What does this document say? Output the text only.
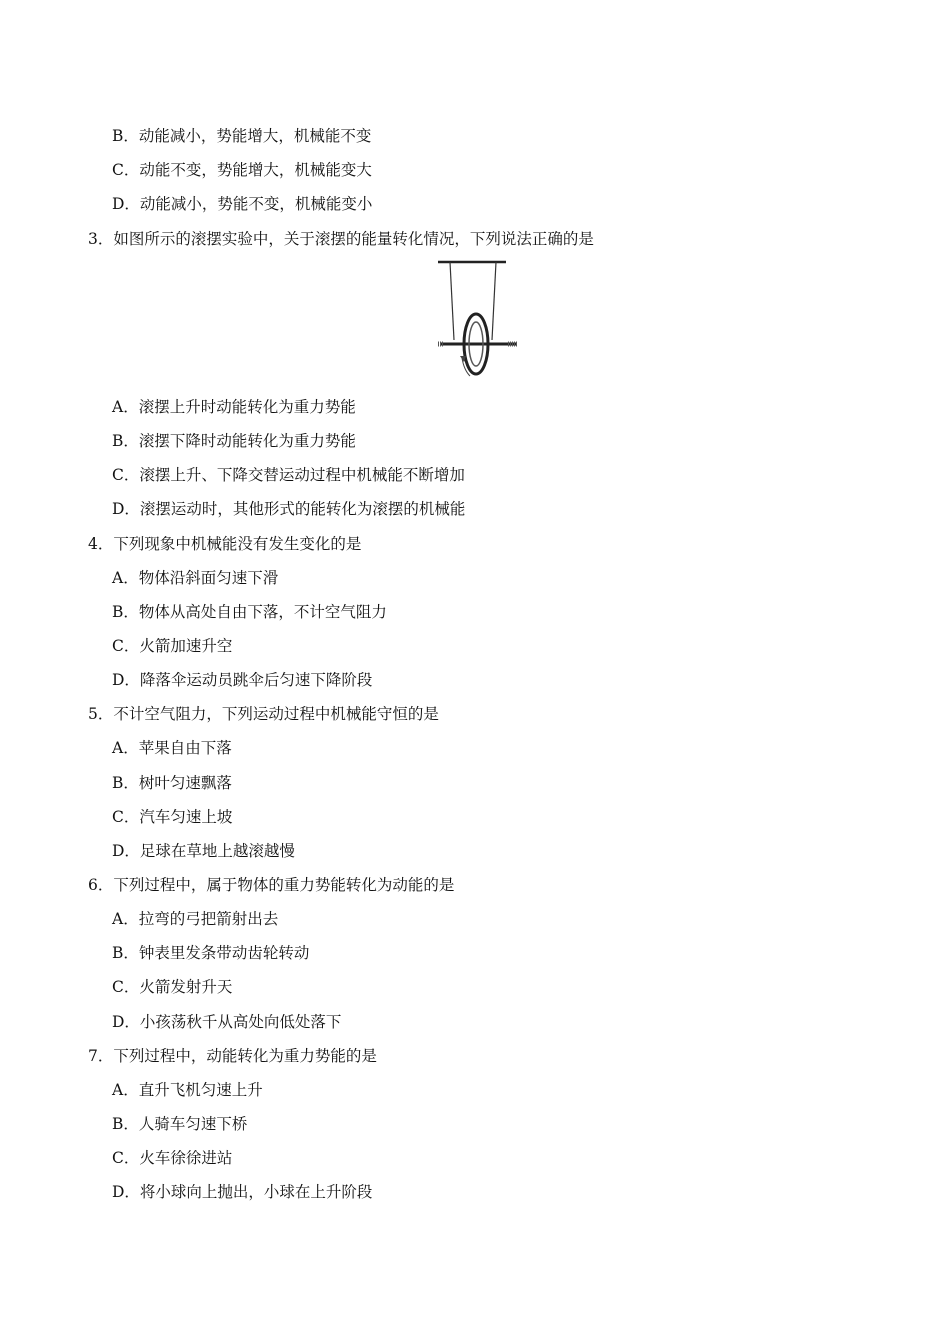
B．动能减小，势能增大，机械能不变
C．动能不变，势能增大，机械能变大
D．动能减小，势能不变，机械能变小
3．如图所示的滚摆实验中，关于滚摆的能量转化情况，下列说法正确的是
A．滚摆上升时动能转化为重力势能
B．滚摆下降时动能转化为重力势能
C．滚摆上升、下降交替运动过程中机械能不断增加
D．滚摆运动时，其他形式的能转化为滚摆的机械能
4．下列现象中机械能没有发生变化的是
A．物体沿斜面匀速下滑
B．物体从高处自由下落，不计空气阻力
C．火箭加速升空
D．降落伞运动员跳伞后匀速下降阶段
5．不计空气阻力，下列运动过程中机械能守恒的是
A．苹果自由下落
B．树叶匀速飘落
C．汽车匀速上坡
D．足球在草地上越滚越慢
6．下列过程中，属于物体的重力势能转化为动能的是
A．拉弯的弓把箭射出去
B．钟表里发条带动齿轮转动
C．火箭发射升天
D．小孩荡秋千从高处向低处落下
7．下列过程中，动能转化为重力势能的是
A．直升飞机匀速上升
B．人骑车匀速下桥
C．火车徐徐进站
D．将小球向上抛出，小球在上升阶段
